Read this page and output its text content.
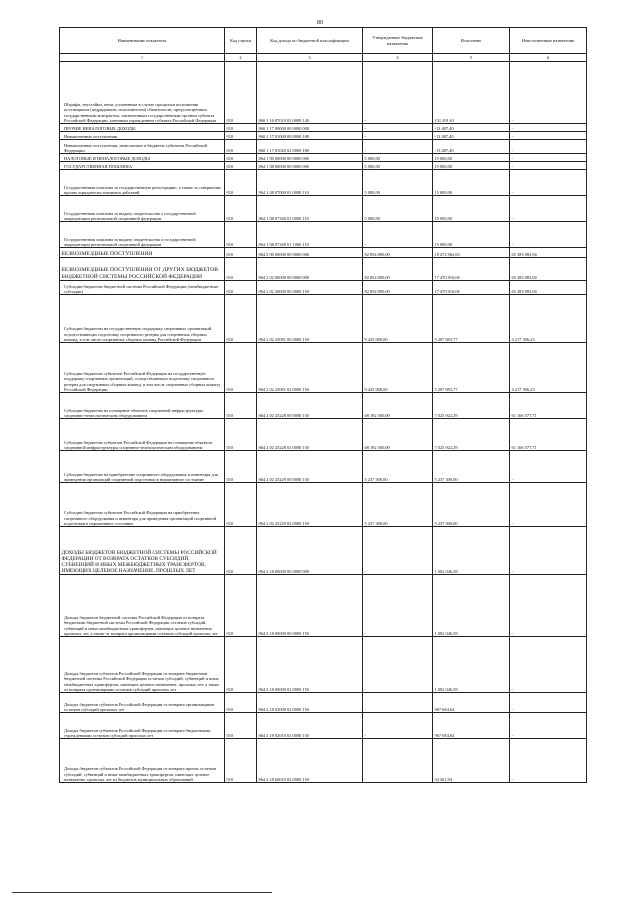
80
Наименование показателя	Код строки	Код дохода по бюджетной классификации	Утвержденные бюджетные назначения	Исполнено	Неисполненные назначения
1	2	3	4	5	6
Штрафы, неустойки, пени, уплаченные в случае просрочки исполнения поставщиком (подрядчиком, исполнителем) обязательств, предусмотренных государственным контрактом, заключенным государственным органом субъекта Российской Федерации, казенным учреждением субъекта Российской Федерации	010	860 1 16 07010 02 0000 140	-	131 291,61	-
ПРОЧИЕ НЕНАЛОГОВЫЕ ДОХОДЫ	010	860 1 17 00000 00 0000 000	-	-13 487,40	-
Невыясненные поступления	010	860 1 17 01000 00 0000 180	-	-13 487,40	-
Невыясненные поступления, зачисляемые в бюджеты субъектов Российской Федерации	010	860 1 17 01020 02 0000 180	-	-13 487,40	-
НАЛОГОВЫЕ И НЕНАЛОГОВЫЕ ДОХОДЫ	010	864 1 00 00000 00 0000 000	5 000,00	15 000,00	-
ГОСУДАРСТВЕННАЯ ПОШЛИНА	010	864 1 08 00000 00 0000 000	5 000,00	15 000,00	-
Государственная пошлина за государственную регистрацию, а также за совершение прочих юридически значимых действий	010	864 1 08 07000 01 0000 110	5 000,00	15 000,00	-
Государственная пошлина за выдачу свидетельства о государственной аккредитации региональной спортивной федерации	010	864 1 08 07340 01 0000 110	5 000,00	15 000,00	-
Государственная пошлина за выдачу свидетельства о государственной аккредитации региональной спортивной федерации	010	864 1 08 07340 01 1000 110	-	15 000,00	-
БЕЗВОЗМЕЗДНЫЕ ПОСТУПЛЕНИЯ	010	864 2 00 00000 00 0000 000	82 854 800,00	18 472 962,63	65 383 883,94
БЕЗВОЗМЕЗДНЫЕ ПОСТУПЛЕНИЯ ОТ ДРУГИХ БЮДЖЕТОВ БЮДЖЕТНОЙ СИСТЕМЫ РОССИЙСКОЙ ФЕДЕРАЦИИ	010	864 2 02 00000 00 0000 000	82 854 800,00	17 470 916,06	65 383 883,94
Субсидии бюджетам бюджетной системы Российской Федерации (межбюджетные субсидии)	010	864 2 02 20000 00 0000 150	82 854 800,00	17 470 916,06	65 383 883,94
Субсидии бюджетам на государственную поддержку спортивных организаций, осуществляющих подготовку спортивного резерва для спортивных сборных команд, в том числе спортивных сборных команд Российской Федерации	010	864 2 02 25081 00 0000 150	9 425 000,00	5 207 693,77	4 217 306,23
Субсидии бюджетам субъектов Российской Федерации на государственную поддержку спортивных организаций, осуществляющих подготовку спортивного резерва для спортивных сборных команд, в том числе спортивных сборных команд Российской Федерации	010	864 2 02 25081 02 0000 150	9 425 000,00	5 207 693,77	4 217 306,23
Субсидии бюджетам на оснащение объектов спортивной инфраструктуры спортивно-технологическим оборудованием	010	864 2 02 25228 00 0000 150	68 192 500,00	7 025 922,29	61 166 577,71
Субсидии бюджетам субъектов Российской Федерации на оснащение объектов спортивной инфраструктуры спортивно-технологическим оборудованием	010	864 2 02 25228 02 0000 150	68 192 500,00	7 025 922,29	61 166 577,71
Субсидии бюджетам на приобретение спортивного оборудования и инвентаря для приведения организаций спортивной подготовки в нормативное состояние	010	864 2 02 25229 00 0000 150	5 237 300,00	5 237 300,00	-
Субсидии бюджетам субъектов Российской Федерации на приобретение спортивного оборудования и инвентаря для приведения организаций спортивной подготовки в нормативное состояние	010	864 2 02 25229 02 0000 150	5 237 300,00	5 237 300,00	-
ДОХОДЫ БЮДЖЕТОВ БЮДЖЕТНОЙ СИСТЕМЫ РОССИЙСКОЙ ФЕДЕРАЦИИ ОТ ВОЗВРАТА ОСТАТКОВ СУБСИДИЙ, СУБВЕНЦИЙ И ИНЫХ МЕЖБЮДЖЕТНЫХ ТРАНСФЕРТОВ, ИМЕЮЩИХ ЦЕЛЕВОЕ НАЗНАЧЕНИЕ, ПРОШЛЫХ ЛЕТ	010	864 2 18 00000 00 0000 000	-	1 002 046,58	-
Доходы бюджетов бюджетной системы Российской Федерации от возврата бюджетами бюджетной системы Российской Федерации остатков субсидий, субвенций и иных межбюджетных трансфертов, имеющих целевое назначение, прошлых лет, а также от возврата организациями остатков субсидий прошлых лет	010	864 2 18 00000 00 0000 150	-	1 002 046,58	-
Доходы бюджетов субъектов Российской Федерации от возврата бюджетами бюджетной системы Российской Федерации остатков субсидий, субвенций и иных межбюджетных трансфертов, имеющих целевое назначение, прошлых лет, а также от возврата организациями остатков субсидий прошлых лет	010	864 2 18 00000 02 0000 150	-	1 002 046,58	-
Доходы бюджетов субъектов Российской Федерации от возврата организациями остатков субсидий прошлых лет	010	864 2 18 02000 02 0000 150	-	967 684,64	-
Доходы бюджетов субъектов Российской Федерации от возврата бюджетными учреждениями остатков субсидий прошлых лет	010	864 2 18 02010 02 0000 150	-	967 684,64	-
Доходы бюджетов субъектов Российской Федерации от возврата прочих остатков субсидий, субвенций и иных межбюджетных трансфертов, имеющих целевое назначение, прошлых лет из бюджетов муниципальных образований	010	864 2 18 60010 02 0000 150	-	34 361,94	-
